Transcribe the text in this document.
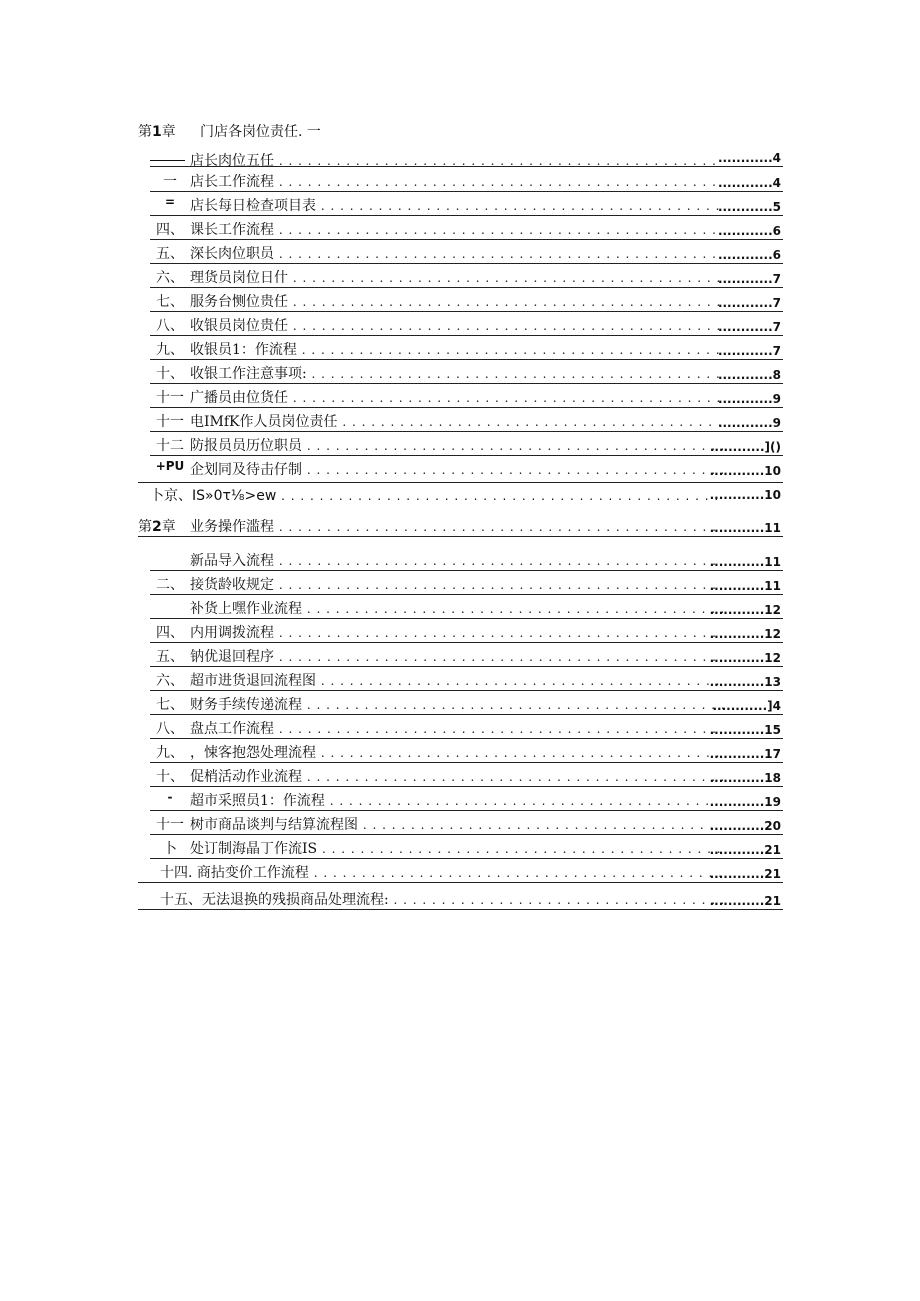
第1章 门店各岗位责任. 一
店长肉位五任 . . .	..... 4
一 店长工作流程 . . .	..... 4
=	店长每日检查项目表 . . .	..... 5
四、 课长工作流程 . . .	..... 6
五、 深长肉位职员 . . .	..... 6
六、 理货员岗位日什 . . .	..... 7
七、 服务台恻位贵任 . . .	..... 7
八、 收银员岗位贵任 . . .	..... 7
九、 收银员1：作流程 . . .	..... 7
十、 收银工作注意事项: . . .	..... 8
十一 广播员由位货任 . . .	..... 9
十一 电IMfK作人员岗位责任 . . .	..... 9
十二 防报员员历位职员 . . .	..... ]()
+PU 企划同及待击仔制 . . .	..... 10
卜京、IS»0τ⅛>ew . . .	..... 10
第2章	业务操作滥程 . . .	..... 11
新品导入流程 . . .	..... 11
二、 接货龄收规定 . . .	..... 11
补货上嘿作业流程 . . .	..... 12
四、 内用调拨流程 . . .	..... 12
五、 钠优退回程序 . . .	..... 12
六、 超市进货退回流程图 . . .	..... 13
七、 财务手续传递流程 . . .	..... ]4
八、 盘点工作流程 . . .	..... 15
九、 ，悚客抱怨处理流程 . . .	..... 17
十、 促梢活动作业流程 . . .	..... 18
-	超市采照员1：作流程 . . .	..... 19
十一 树市商品谈判与结算流程图 . . .	..... 20
卜 处订制海晶丁作流IS . . .	..... 21
十四. 商拈变价工作流程 . . .	..... 21
十五、无法退换的残损商品处理流程: . . .	..... 21
